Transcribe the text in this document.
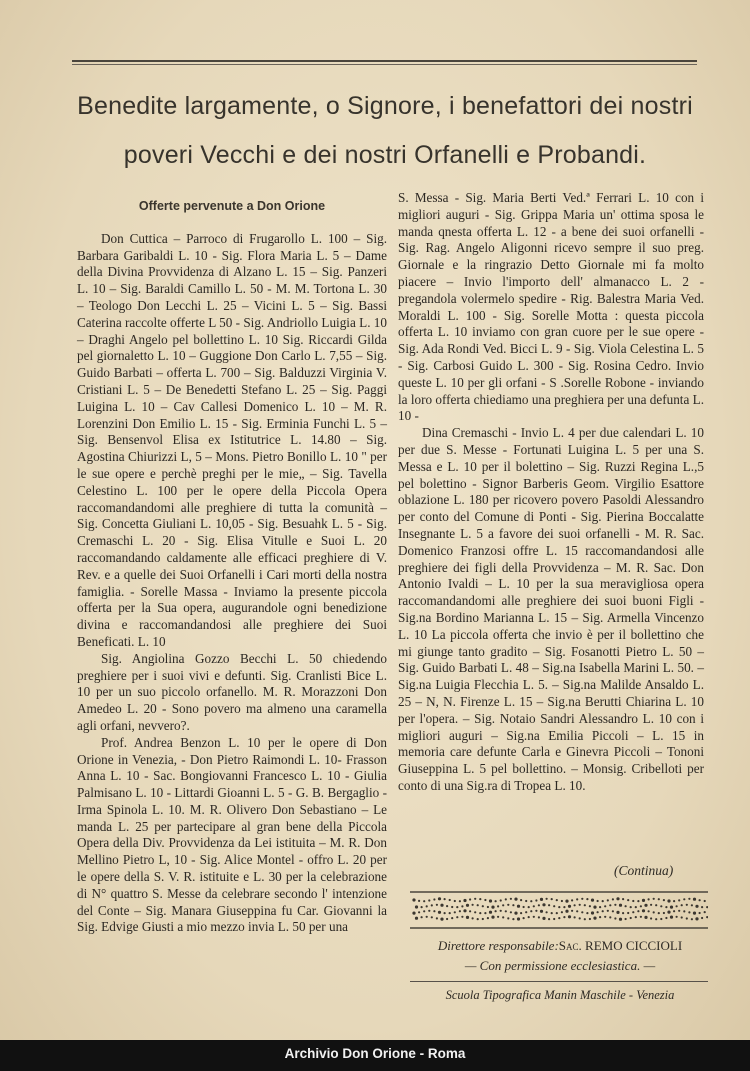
Benedite largamente, o Signore, i benefattori dei nostri
poveri Vecchi e dei nostri Orfanelli e Probandi.
Offerte pervenute a Don Orione

Don Cuttica – Parroco di Frugarollo L. 100 – Sig. Barbara Garibaldi L. 10 - Sig. Flora Maria L. 5 – Dame della Divina Provvidenza di Alzano L. 15 – Sig. Panzeri L. 10 – Sig. Baraldi Camillo L. 50 - M. M. Tortona L. 30 – Teologo Don Lecchi L. 25 – Vicini L. 5 – Sig. Bassi Caterina raccolte offerte L 50 - Sig. Andriollo Luigia L. 10 – Draghi Angelo pel bollettino L. 10 Sig. Riccardi Gilda pel giornaletto L. 10 – Guggione Don Carlo L. 7,55 – Sig. Guido Barbati – offerta L. 700 – Sig. Balduzzi Virginia V. Cristiani L. 5 – De Benedetti Stefano L. 25 – Sig. Paggi Luigina L. 10 – Cav Callesi Domenico L. 10 – M. R. Lorenzini Don Emilio L. 15 - Sig. Erminia Funchi L. 5 – Sig. Bensenvol Elisa ex Istitutrice L. 14.80 – Sig. Agostina Chiurizzi L, 5 – Mons. Pietro Bonillo L. 10 " per le sue opere e perchè preghi per le mie„ – Sig. Tavella Celestino L. 100 per le opere della Piccola Opera raccomandandomi alle preghiere di tutta la comunità – Sig. Concetta Giuliani L. 10,05 - Sig. Besuahk L. 5 - Sig. Cremaschi L. 20 - Sig. Elisa Vitulle e Suoi L. 20 raccomandando caldamente alle efficaci preghiere di V. Rev. e a quelle dei Suoi Orfanelli i Cari morti della nostra famiglia. - Sorelle Massa - Inviamo la presente piccola offerta per la Sua opera, augurandole ogni benedizione divina e raccomandandosi alle preghiere dei Suoi Beneficati. L. 10

Sig. Angiolina Gozzo Becchi L. 50 chiedendo preghiere per i suoi vivi e defunti. Sig. Cranlisti Bice L. 10 per un suo piccolo orfanello. M. R. Morazzoni Don Amedeo L. 20 - Sono povero ma almeno una caramella agli orfani, nevvero?.

Prof. Andrea Benzon L. 10 per le opere di Don Orione in Venezia, - Don Pietro Raimondi L. 10- Frasson Anna L. 10 - Sac. Bongiovanni Francesco L. 10 - Giulia Palmisano L. 10 - Littardi Gioanni L. 5 - G. B. Bergaglio - Irma Spinola L. 10. M. R. Olivero Don Sebastiano – Le manda L. 25 per partecipare al gran bene della Piccola Opera della Div. Provvidenza da Lei istituita – M. R. Don Mellino Pietro L, 10 - Sig. Alice Montel - offro L. 20 per le opere della S. V. R. istituite e L. 30 per la celebrazione di N° quattro S. Messe da celebrare secondo l' intenzione del Conte – Sig. Manara Giuseppina fu Car. Giovanni la Sig. Edvige Giusti a mio mezzo invia L. 50 per una

S. Messa - Sig. Maria Berti Ved.ª Ferrari L. 10 con i migliori auguri - Sig. Grippa Maria un' ottima sposa le manda qnesta offerta L. 12 - a bene dei suoi orfanelli - Sig. Rag. Angelo Aligonni ricevo sempre il suo preg. Giornale e la ringrazio Detto Giornale mi fa molto piacere – Invio l'importo dell' almanacco L. 2 - pregandola volermelo spedire - Rig. Balestra Maria Ved. Moraldi L. 100 - Sig. Sorelle Motta : questa piccola offerta L. 10 inviamo con gran cuore per le sue opere - Sig. Ada Rondi Ved. Bicci L. 9 - Sig. Viola Celestina L. 5 - Sig. Carbosi Guido L. 300 - Sig. Rosina Cedro. Invio queste L. 10 per gli orfani - S .Sorelle Robone - inviando la loro offerta chiediamo una preghiera per una defunta L. 10 -

Dina Cremaschi - Invio L. 4 per due calendari L. 10 per due S. Messe - Fortunati Luigina L. 5 per una S. Messa e L. 10 per il bolettino – Sig. Ruzzi Regina L.,5 pel bolettino - Signor Barberis Geom. Virgilio Esattore oblazione L. 180 per ricovero povero Pasoldi Alessandro per conto del Comune di Ponti - Sig. Pierina Boccalatte Insegnante L. 5 a favore dei suoi orfanelli - M. R. Sac. Domenico Franzosi offre L. 15 raccomandandosi alle preghiere dei figli della Provvidenza – M. R. Sac. Don Antonio Ivaldi – L. 10 per la sua meravigliosa opera raccomandandomi alle preghiere dei suoi buoni Figli - Sig.na Bordino Marianna L. 15 – Sig. Armella Vincenzo L. 10 La piccola offerta che invio è per il bollettino che mi giunge tanto gradito – Sig. Fosanotti Pietro L. 50 – Sig. Guido Barbati L. 48 – Sig.na Isabella Marini L. 50. – Sig.na Luigia Flecchia L. 5. – Sig.na Malilde Ansaldo L. 25 – N, N. Firenze L. 15 – Sig.na Berutti Chiarina L. 10 per l'opera. – Sig. Notaio Sandri Alessandro L. 10 con i migliori auguri – Sig.na Emilia Piccoli – L. 15 in memoria care defunte Carla e Ginevra Piccoli – Tononi Giuseppina L. 5 pel bollettino. – Monsig. Cribelloti per conto di una Sig.ra di Tropea L. 10.

(Continua)
Direttore responsabile:Sac. REMO CICCIOLI
— Con permissione ecclesiastica. —
Scuola Tipografica Manin Maschile - Venezia
Archivio Don Orione - Roma
